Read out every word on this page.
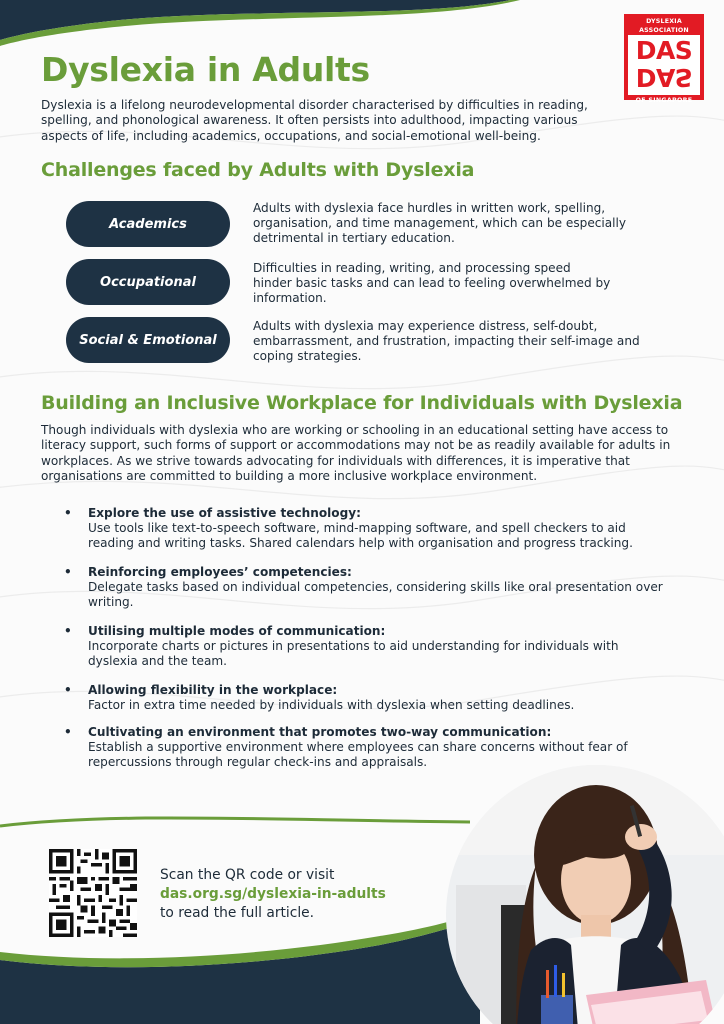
DYSLEXIA ASSOCIATION
DAS
DAS
OF SINGAPORE
Dyslexia in Adults

Dyslexia is a lifelong neurodevelopmental disorder characterised by difficulties in reading, spelling, and phonological awareness. It often persists into adulthood, impacting various aspects of life, including academics, occupations, and social-emotional well-being.

Challenges faced by Adults with Dyslexia
Academics

Adults with dyslexia face hurdles in written work, spelling, organisation, and time management, which can be especially detrimental in tertiary education.

Occupational

Difficulties in reading, writing, and processing speed hinder basic tasks and can lead to feeling overwhelmed by information.

Social & Emotional

Adults with dyslexia may experience distress, self-doubt, embarrassment, and frustration, impacting their self-image and coping strategies.

Building an Inclusive Workplace for Individuals with Dyslexia

Though individuals with dyslexia who are working or schooling in an educational setting have access to literacy support, such forms of support or accommodations may not be as readily available for adults in workplaces. As we strive towards advocating for individuals with differences, it is imperative that organisations are committed to building a more inclusive workplace environment.

• Explore the use of assistive technology:
Use tools like text-to-speech software, mind-mapping software, and spell checkers to aid reading and writing tasks. Shared calendars help with organisation and progress tracking.
• Reinforcing employees’ competencies:
Delegate tasks based on individual competencies, considering skills like oral presentation over writing.
• Utilising multiple modes of communication:
Incorporate charts or pictures in presentations to aid understanding for individuals with dyslexia and the team.
• Allowing flexibility in the workplace:
Factor in extra time needed by individuals with dyslexia when setting deadlines.
• Cultivating an environment that promotes two-way communication:
Establish a supportive environment where employees can share concerns without fear of repercussions through regular check-ins and appraisals.
Scan the QR code or visit
das.org.sg/dyslexia-in-adults
to read the full article.
